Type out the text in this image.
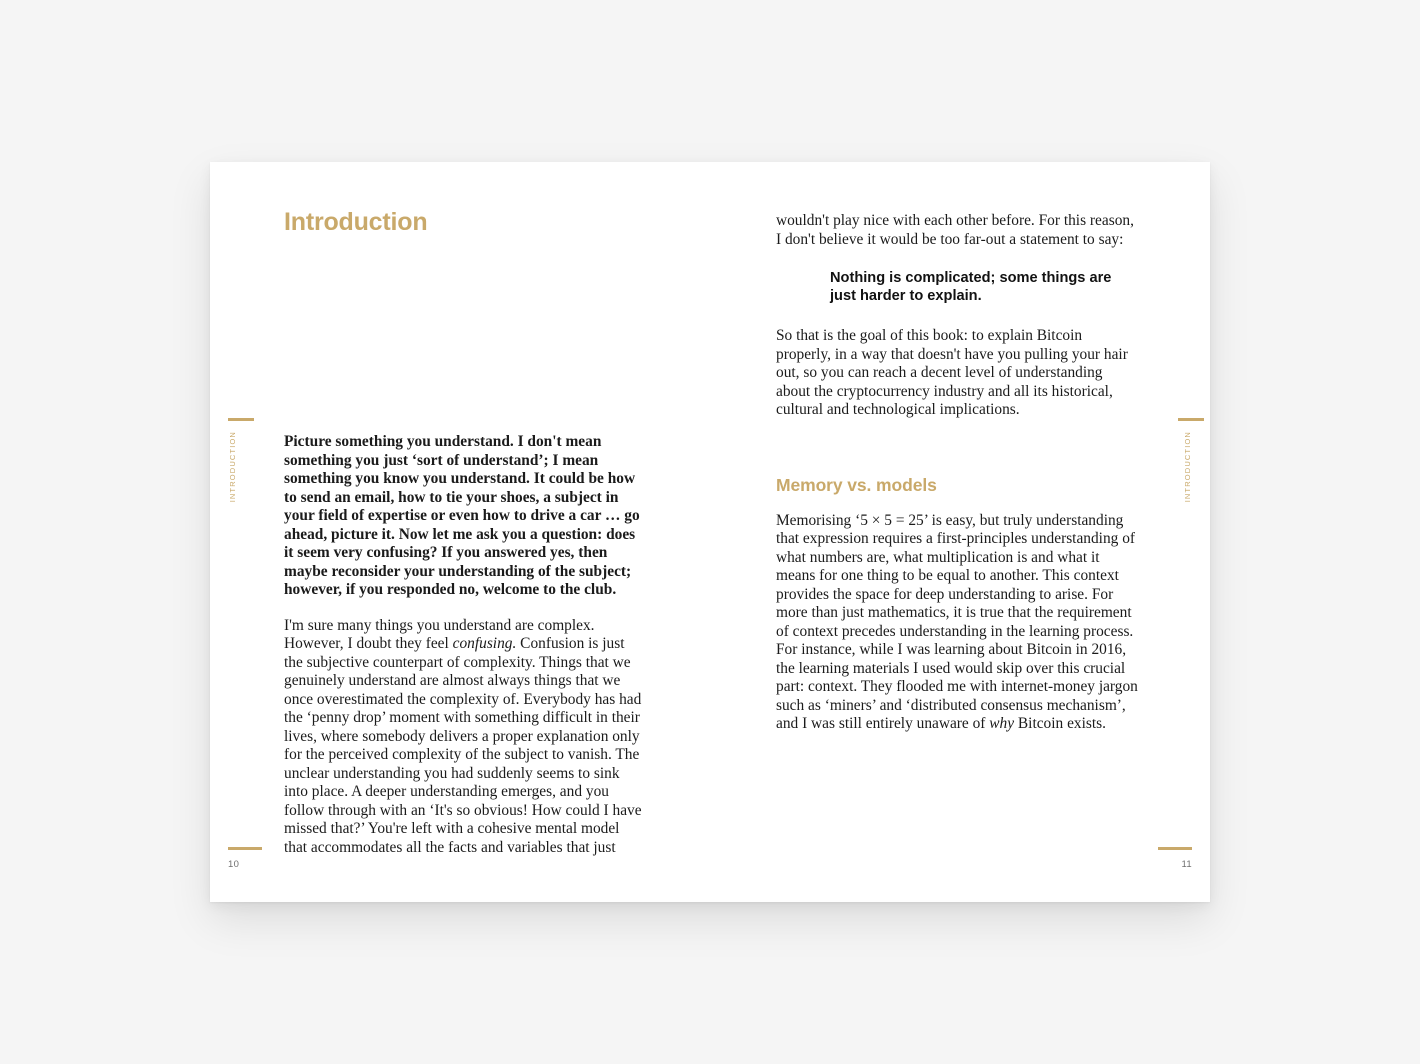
INTRODUCTION
Introduction

Picture something you understand. I don't mean something you just ‘sort of understand’; I mean something you know you understand. It could be how to send an email, how to tie your shoes, a subject in your field of expertise or even how to drive a car … go ahead, picture it. Now let me ask you a question: does it seem very confusing? If you answered yes, then maybe reconsider your understanding of the subject; however, if you responded no, welcome to the club.

I'm sure many things you understand are complex. However, I doubt they feel confusing. Confusion is just the subjective counterpart of complexity. Things that we genuinely understand are almost always things that we once overestimated the complexity of. Everybody has had the ‘penny drop’ moment with something difficult in their lives, where somebody delivers a proper explanation only for the perceived complexity of the subject to vanish. The unclear understanding you had suddenly seems to sink into place. A deeper understanding emerges, and you follow through with an ‘It's so obvious! How could I have missed that?’ You're left with a cohesive mental model that accommodates all the facts and variables that just

10
INTRODUCTION

wouldn't play nice with each other before. For this reason, I don't believe it would be too far-out a statement to say:

Nothing is complicated; some things are just harder to explain.

So that is the goal of this book: to explain Bitcoin properly, in a way that doesn't have you pulling your hair out, so you can reach a decent level of understanding about the cryptocurrency industry and all its historical, cultural and technological implications.

Memory vs. models

Memorising ‘5 × 5 = 25’ is easy, but truly understanding that expression requires a first-principles understanding of what numbers are, what multiplication is and what it means for one thing to be equal to another. This context provides the space for deep understanding to arise. For more than just mathematics, it is true that the requirement of context precedes understanding in the learning process. For instance, while I was learning about Bitcoin in 2016, the learning materials I used would skip over this crucial part: context. They flooded me with internet-money jargon such as ‘miners’ and ‘distributed consensus mechanism’, and I was still entirely unaware of why Bitcoin exists.

11
